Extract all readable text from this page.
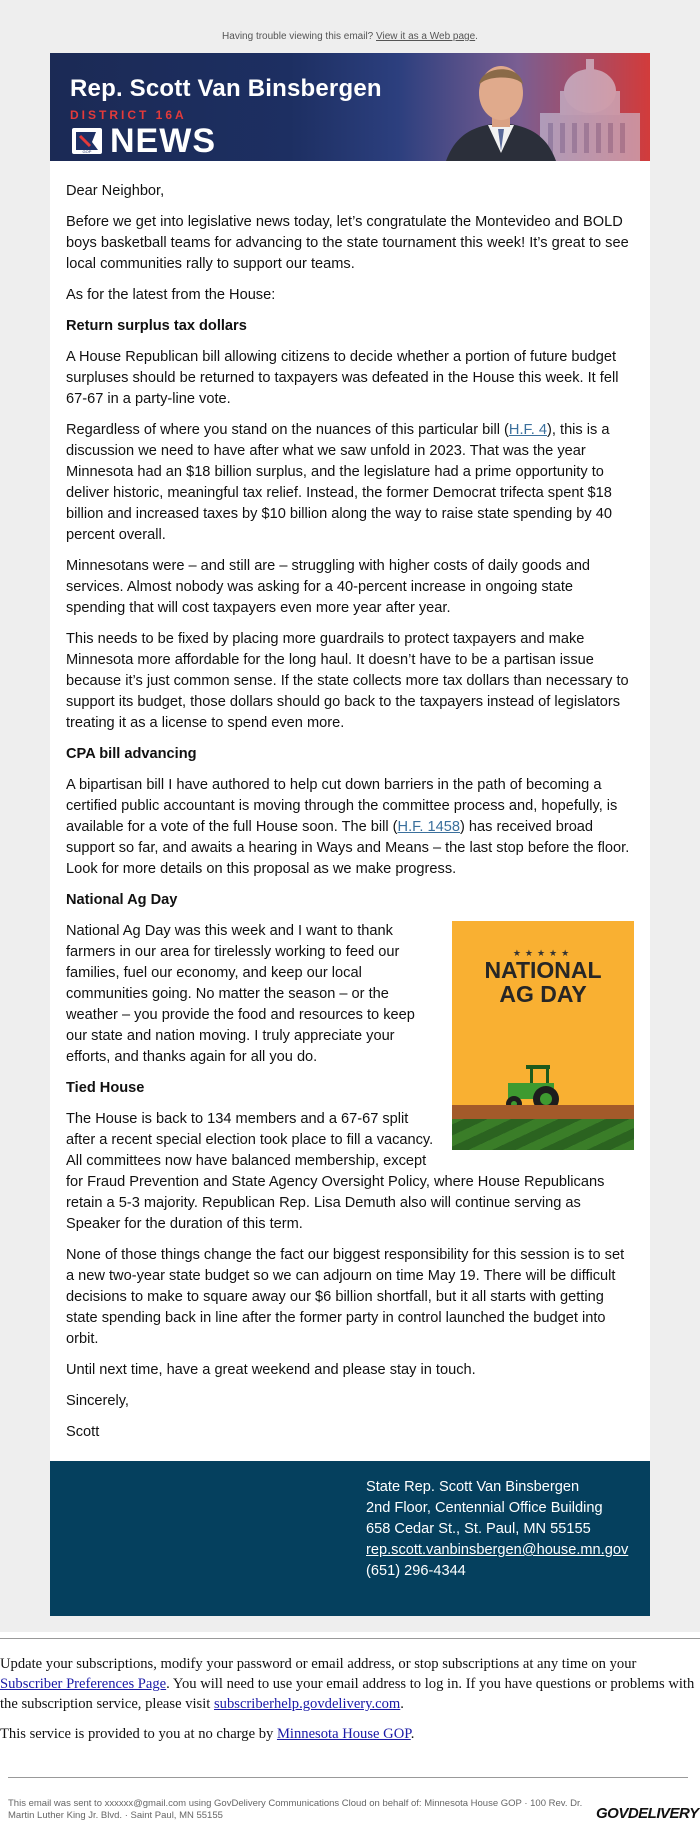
Having trouble viewing this email? View it as a Web page.
Rep. Scott Van Binsbergen
DISTRICT 16A
GOP NEWS

Dear Neighbor,

Before we get into legislative news today, let’s congratulate the Montevideo and BOLD boys basketball teams for advancing to the state tournament this week! It’s great to see local communities rally to support our teams.

As for the latest from the House:

Return surplus tax dollars

A House Republican bill allowing citizens to decide whether a portion of future budget surpluses should be returned to taxpayers was defeated in the House this week. It fell 67-67 in a party-line vote.

Regardless of where you stand on the nuances of this particular bill (H.F. 4), this is a discussion we need to have after what we saw unfold in 2023. That was the year Minnesota had an $18 billion surplus, and the legislature had a prime opportunity to deliver historic, meaningful tax relief. Instead, the former Democrat trifecta spent $18 billion and increased taxes by $10 billion along the way to raise state spending by 40 percent overall.

Minnesotans were – and still are – struggling with higher costs of daily goods and services. Almost nobody was asking for a 40-percent increase in ongoing state spending that will cost taxpayers even more year after year.

This needs to be fixed by placing more guardrails to protect taxpayers and make Minnesota more affordable for the long haul. It doesn’t have to be a partisan issue because it’s just common sense. If the state collects more tax dollars than necessary to support its budget, those dollars should go back to the taxpayers instead of legislators treating it as a license to spend even more.

CPA bill advancing

A bipartisan bill I have authored to help cut down barriers in the path of becoming a certified public accountant is moving through the committee process and, hopefully, is available for a vote of the full House soon. The bill (H.F. 1458) has received broad support so far, and awaits a hearing in Ways and Means – the last stop before the floor. Look for more details on this proposal as we make progress.

National Ag Day
★★★★★
NATIONAL
AG DAY

National Ag Day was this week and I want to thank farmers in our area for tirelessly working to feed our families, fuel our economy, and keep our local communities going. No matter the season – or the weather – you provide the food and resources to keep our state and nation moving. I truly appreciate your efforts, and thanks again for all you do.

Tied House

The House is back to 134 members and a 67-67 split after a recent special election took place to fill a vacancy. All committees now have balanced membership, except for Fraud Prevention and State Agency Oversight Policy, where House Republicans retain a 5-3 majority. Republican Rep. Lisa Demuth also will continue serving as Speaker for the duration of this term.

None of those things change the fact our biggest responsibility for this session is to set a new two-year state budget so we can adjourn on time May 19. There will be difficult decisions to make to square away our $6 billion shortfall, but it all starts with getting state spending back in line after the former party in control launched the budget into orbit.

Until next time, have a great weekend and please stay in touch.

Sincerely,

Scott

State Rep. Scott Van Binsbergen
2nd Floor, Centennial Office Building
658 Cedar St., St. Paul, MN 55155
rep.scott.vanbinsbergen@house.mn.gov
(651) 296-4344
Update your subscriptions, modify your password or email address, or stop subscriptions at any time on your Subscriber Preferences Page. You will need to use your email address to log in. If you have questions or problems with the subscription service, please visit subscriberhelp.govdelivery.com.
This service is provided to you at no charge by Minnesota House GOP.
This email was sent to xxxxxx@gmail.com using GovDelivery Communications Cloud on behalf of: Minnesota House GOP · 100 Rev. Dr. Martin Luther King Jr. Blvd. · Saint Paul, MN 55155	GOVDELIVERY
